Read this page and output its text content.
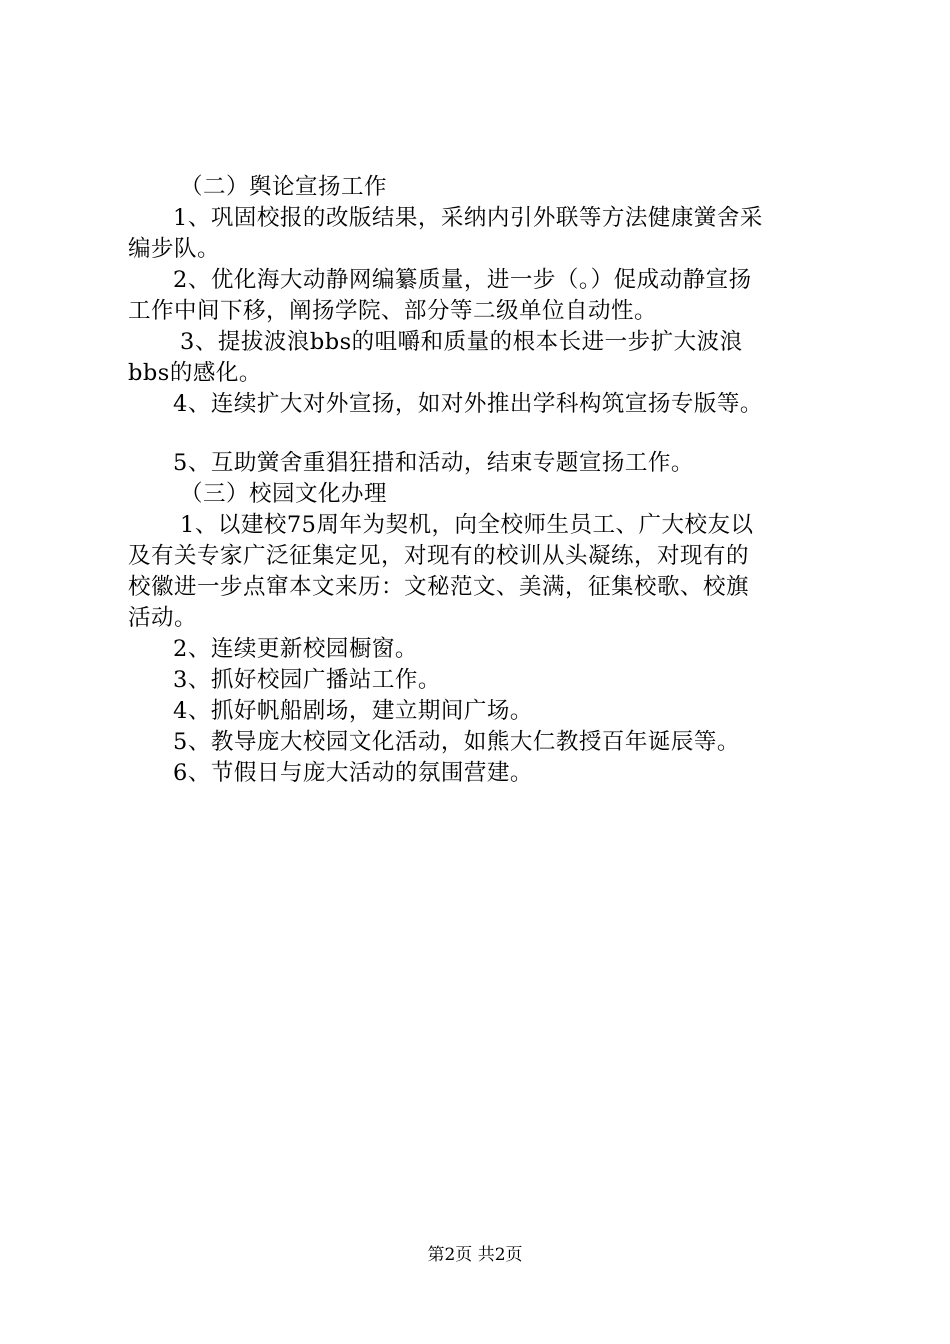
（二）舆论宣扬工作
1、巩固校报的改版结果，采纳内引外联等方法健康黉舍采
编步队。
2、优化海大动静网编纂质量，进一步（。）促成动静宣扬
工作中间下移，阐扬学院、部分等二级单位自动性。
3、提拔波浪bbs的咀嚼和质量的根本长进一步扩大波浪
bbs的感化。
4、连续扩大对外宣扬，如对外推出学科构筑宣扬专版等。
5、互助黉舍重猖狂措和活动，结束专题宣扬工作。
（三）校园文化办理
1、以建校75周年为契机，向全校师生员工、广大校友以
及有关专家广泛征集定见，对现有的校训从头凝练，对现有的
校徽进一步点窜本文来历：文秘范文、美满，征集校歌、校旗
活动。
2、连续更新校园橱窗。
3、抓好校园广播站工作。
4、抓好帆船剧场，建立期间广场。
5、教导庞大校园文化活动，如熊大仁教授百年诞辰等。
6、节假日与庞大活动的氛围营建。
第2页 共2页
